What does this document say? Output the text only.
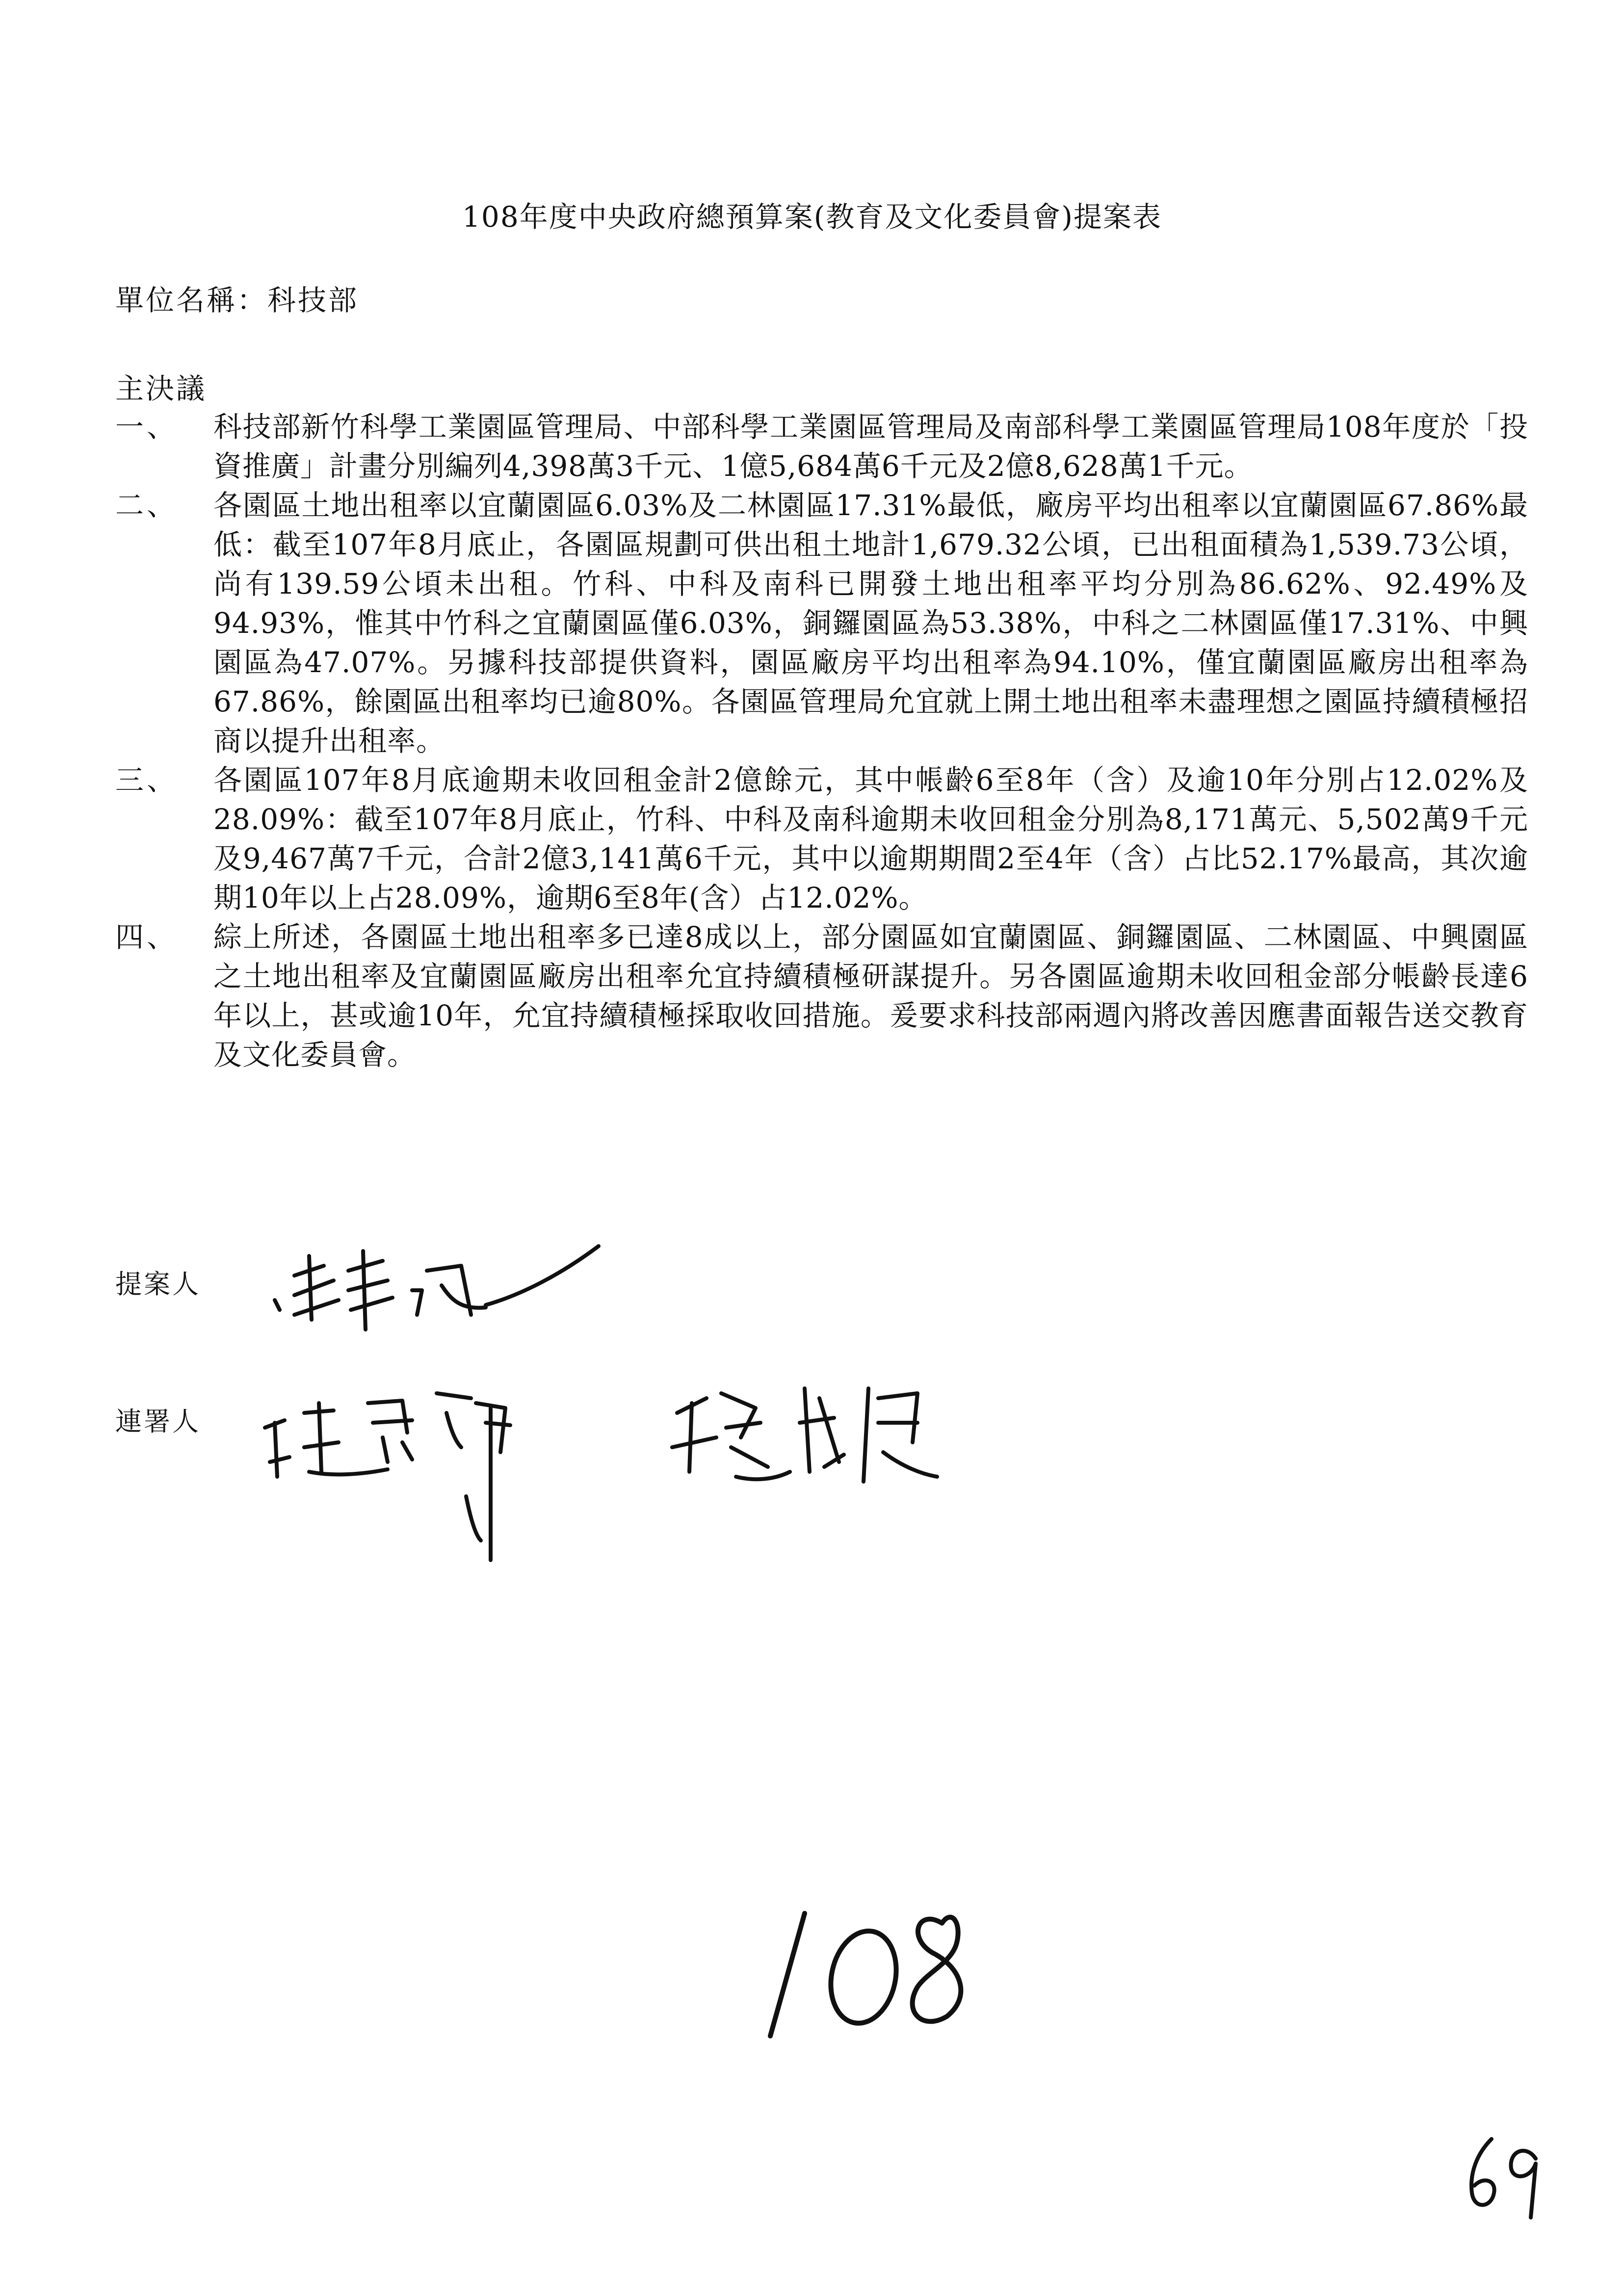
108年度中央政府總預算案(教育及文化委員會)提案表
單位名稱：科技部
主決議
一、	科技部新竹科學工業園區管理局、中部科學工業園區管理局及南部科學工業園區管理局108年度於「投資推廣」計畫分別編列4,398萬3千元、1億5,684萬6千元及2億8,628萬1千元。
二、	各園區土地出租率以宜蘭園區6.03%及二林園區17.31%最低，廠房平均出租率以宜蘭園區67.86%最低：截至107年8月底止，各園區規劃可供出租土地計1,679.32公頃，已出租面積為1,539.73公頃，尚有139.59公頃未出租。竹科、中科及南科已開發土地出租率平均分別為86.62%、92.49%及94.93%，惟其中竹科之宜蘭園區僅6.03%，銅鑼園區為53.38%，中科之二林園區僅17.31%、中興園區為47.07%。另據科技部提供資料，園區廠房平均出租率為94.10%，僅宜蘭園區廠房出租率為67.86%，餘園區出租率均已逾80%。各園區管理局允宜就上開土地出租率未盡理想之園區持續積極招商以提升出租率。
三、	各園區107年8月底逾期未收回租金計2億餘元，其中帳齡6至8年（含）及逾10年分別占12.02%及28.09%：截至107年8月底止，竹科、中科及南科逾期未收回租金分別為8,171萬元、5,502萬9千元及9,467萬7千元，合計2億3,141萬6千元，其中以逾期期間2至4年（含）占比52.17%最高，其次逾期10年以上占28.09%，逾期6至8年(含）占12.02%。
四、	綜上所述，各園區土地出租率多已達8成以上，部分園區如宜蘭園區、銅鑼園區、二林園區、中興園區之土地出租率及宜蘭園區廠房出租率允宜持續積極研謀提升。另各園區逾期未收回租金部分帳齡長達6年以上，甚或逾10年，允宜持續積極採取收回措施。爰要求科技部兩週內將改善因應書面報告送交教育及文化委員會。
提案人
連署人
